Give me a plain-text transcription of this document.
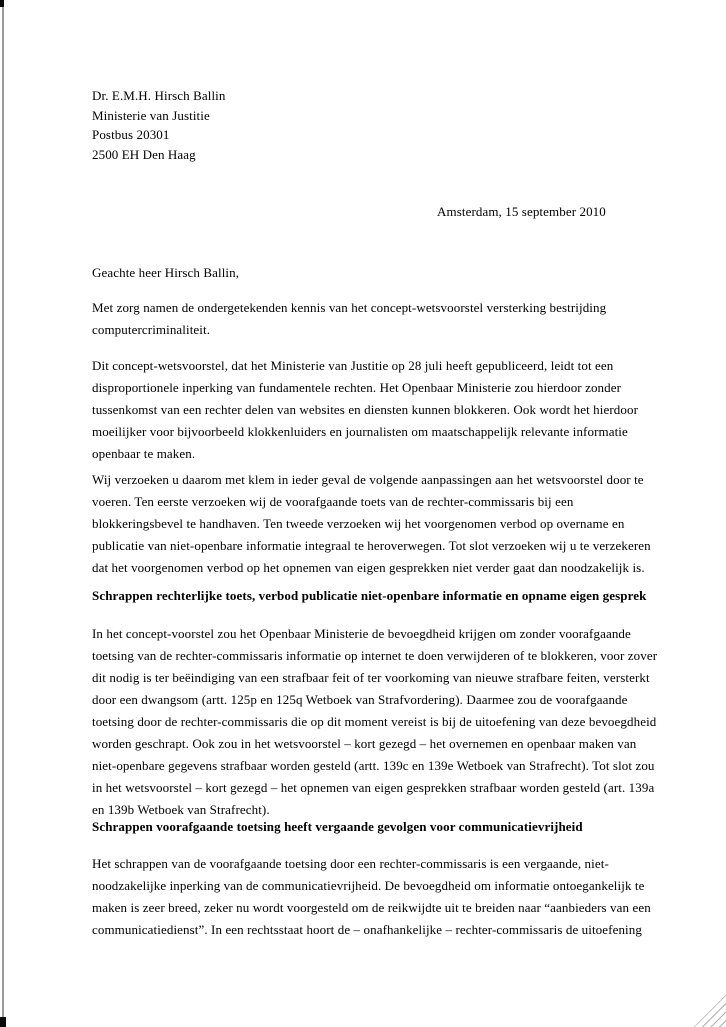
Dr. E.M.H. Hirsch Ballin
Ministerie van Justitie
Postbus 20301
2500 EH Den Haag
Amsterdam, 15 september 2010
Geachte heer Hirsch Ballin,
Met zorg namen de ondergetekenden kennis van het concept-wetsvoorstel versterking bestrijding
computercriminaliteit.
Dit concept-wetsvoorstel, dat het Ministerie van Justitie op 28 juli heeft gepubliceerd, leidt tot een
disproportionele inperking van fundamentele rechten. Het Openbaar Ministerie zou hierdoor zonder
tussenkomst van een rechter delen van websites en diensten kunnen blokkeren. Ook wordt het hierdoor
moeilijker voor bijvoorbeeld klokkenluiders en journalisten om maatschappelijk relevante informatie
openbaar te maken.
Wij verzoeken u daarom met klem in ieder geval de volgende aanpassingen aan het wetsvoorstel door te
voeren. Ten eerste verzoeken wij de voorafgaande toets van de rechter-commissaris bij een
blokkeringsbevel te handhaven. Ten tweede verzoeken wij het voorgenomen verbod op overname en
publicatie van niet-openbare informatie integraal te heroverwegen. Tot slot verzoeken wij u te verzekeren
dat het voorgenomen verbod op het opnemen van eigen gesprekken niet verder gaat dan noodzakelijk is.
Schrappen rechterlijke toets, verbod publicatie niet-openbare informatie en opname eigen gesprek
In het concept-voorstel zou het Openbaar Ministerie de bevoegdheid krijgen om zonder voorafgaande
toetsing van de rechter-commissaris informatie op internet te doen verwijderen of te blokkeren, voor zover
dit nodig is ter beëindiging van een strafbaar feit of ter voorkoming van nieuwe strafbare feiten, versterkt
door een dwangsom (artt. 125p en 125q Wetboek van Strafvordering). Daarmee zou de voorafgaande
toetsing door de rechter-commissaris die op dit moment vereist is bij de uitoefening van deze bevoegdheid
worden geschrapt. Ook zou in het wetsvoorstel – kort gezegd – het overnemen en openbaar maken van
niet-openbare gegevens strafbaar worden gesteld (artt. 139c en 139e Wetboek van Strafrecht). Tot slot zou
in het wetsvoorstel – kort gezegd – het opnemen van eigen gesprekken strafbaar worden gesteld (art. 139a
en 139b Wetboek van Strafrecht).
Schrappen voorafgaande toetsing heeft vergaande gevolgen voor communicatievrijheid
Het schrappen van de voorafgaande toetsing door een rechter-commissaris is een vergaande, niet-
noodzakelijke inperking van de communicatievrijheid. De bevoegdheid om informatie ontoegankelijk te
maken is zeer breed, zeker nu wordt voorgesteld om de reikwijdte uit te breiden naar “aanbieders van een
communicatiedienst”. In een rechtsstaat hoort de – onafhankelijke – rechter-commissaris de uitoefening
